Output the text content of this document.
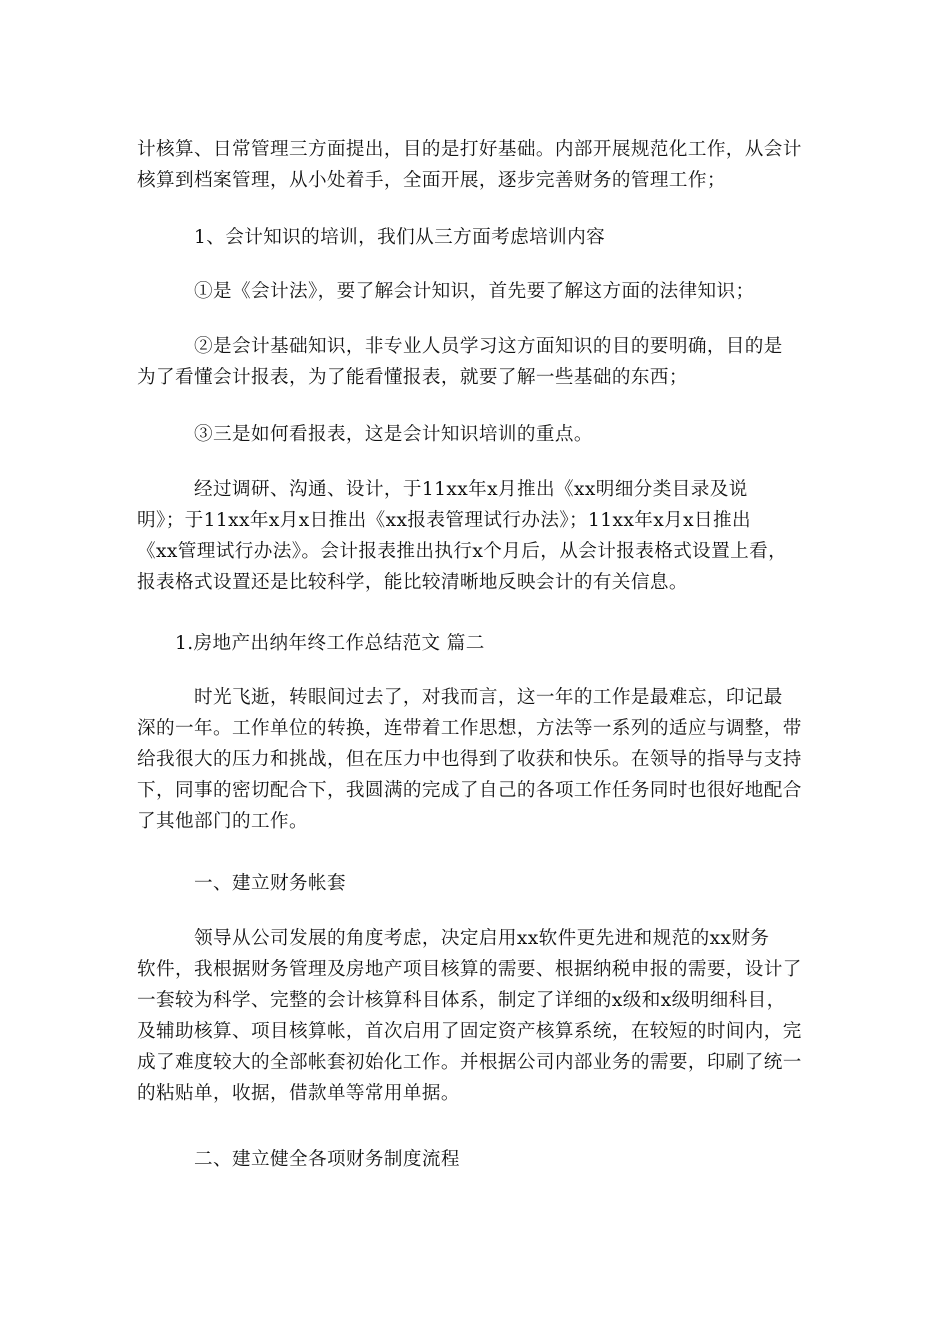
计核算、日常管理三方面提出，目的是打好基础。内部开展规范化工作，从会计
核算到档案管理，从小处着手，全面开展，逐步完善财务的管理工作；

　　　1、会计知识的培训，我们从三方面考虑培训内容

　　　①是《会计法》，要了解会计知识，首先要了解这方面的法律知识；

　　　②是会计基础知识，非专业人员学习这方面知识的目的要明确，目的是
为了看懂会计报表，为了能看懂报表，就要了解一些基础的东西；

　　　③三是如何看报表，这是会计知识培训的重点。

　　　经过调研、沟通、设计，于11xx年x月推出《xx明细分类目录及说
明》；于11xx年x月x日推出《xx报表管理试行办法》；11xx年x月x日推出
《xx管理试行办法》。会计报表推出执行x个月后，从会计报表格式设置上看，
报表格式设置还是比较科学，能比较清晰地反映会计的有关信息。

　　1.房地产出纳年终工作总结范文 篇二

　　　时光飞逝，转眼间过去了，对我而言，这一年的工作是最难忘，印记最
深的一年。工作单位的转换，连带着工作思想，方法等一系列的适应与调整，带
给我很大的压力和挑战，但在压力中也得到了收获和快乐。在领导的指导与支持
下，同事的密切配合下，我圆满的完成了自己的各项工作任务同时也很好地配合
了其他部门的工作。

　　　一、建立财务帐套

　　　领导从公司发展的角度考虑，决定启用xx软件更先进和规范的xx财务
软件，我根据财务管理及房地产项目核算的需要、根据纳税申报的需要，设计了
一套较为科学、完整的会计核算科目体系，制定了详细的x级和x级明细科目，
及辅助核算、项目核算帐，首次启用了固定资产核算系统，在较短的时间内，完
成了难度较大的全部帐套初始化工作。并根据公司内部业务的需要，印刷了统一
的粘贴单，收据，借款单等常用单据。

　　　二、建立健全各项财务制度流程
